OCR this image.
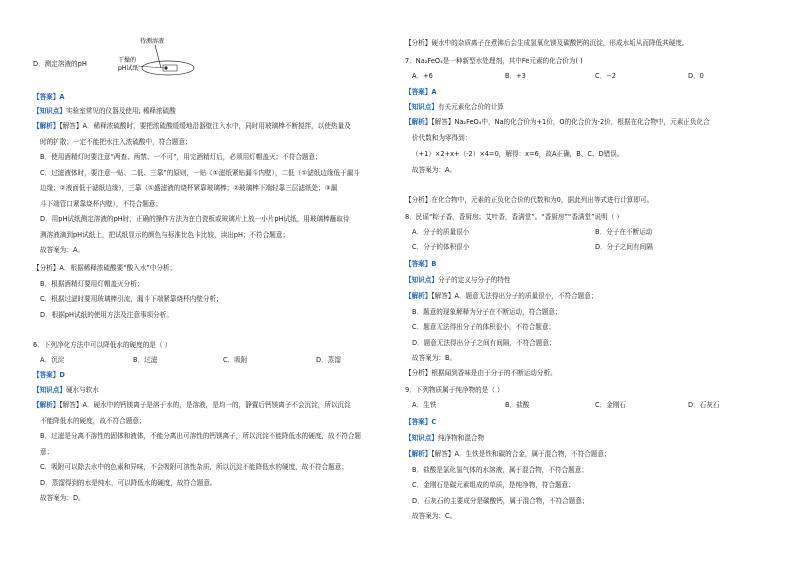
D．测定溶液的pH
待测溶液
干燥的
pH试纸
【答案】A
【知识点】实验室常见的仪器及使用; 稀释浓硫酸
【解析】【解答】A．稀释浓硫酸时，要把浓硫酸缓缓地沿器壁注入水中，同时用玻璃棒不断搅拌，以使热量及
时的扩散；一定不能把水注入浓硫酸中，符合题意；
B．使用酒精灯时要注意“两查、两禁、一不可”，用完酒精灯后，必须用灯帽盖灭；不符合题意；
C．过滤液体时，要注意一贴、二低、三靠”的原则，一贴（①滤纸紧贴漏斗内壁），二低（①滤纸边缘低于漏斗
边缘；②液面低于滤纸边缘），三靠（①盛滤液的烧杯紧靠玻璃棒；②玻璃棒下端轻靠三层滤纸处；③漏
斗下端管口紧靠烧杯内壁），不符合题意；
D．用pH试纸测定溶液的pH时，正确的操作方法为在白瓷板或玻璃片上放一小片pH试纸，用玻璃棒蘸取待
测溶液滴到pH试纸上，把试纸显示的颜色与标准比色卡比较，读出pH；不符合题意；
故答案为：A。
【分析】A．根据稀释浓硫酸要“酸入水”中分析；
B．根据酒精灯要用灯帽盖灭分析；
C．根据过滤时要用玻璃棒引流，漏斗下端紧靠烧杯内壁分析；
D．根据pH试纸的使用方法及注意事项分析。
6．下列净化方法中可以降低水的硬度的是（ ）
A．沉淀	B．过滤	C．吸附	D．蒸馏
【答案】D
【知识点】硬水与软水
【解析】【解答】A．硬水中的钙镁离子是溶于水的，是溶液，是均一的，静置后钙镁离子不会沉淀，所以沉淀
不能降低水的硬度，故不符合题意；
B．过滤是分离不溶性的固体和液体，不能分离出可溶性的钙镁离子，所以沉淀不能降低水的硬度，故不符合题
意；
C．吸附可以除去水中的色素和异味，不会吸附可溶性杂质，所以沉淀不能降低水的硬度，故不符合题意；
D．蒸馏得到的水是纯水，可以降低水的硬度，故符合题意。
故答案为：D。
【分析】硬水中的杂质离子在煮沸后会生成氢氧化镁及碳酸钙的沉淀，形成水垢从而降低其硬度。
7．Na₂FeO₄是一种新型水处理剂，其中Fe元素的化合价为( )
A．+6	B．+3	C．−2	D．0
【答案】A
【知识点】有关元素化合价的计算
【解析】【解答】Na₂FeO₄中，Na的化合价为+1价，O的化合价为-2价，根据在化合物中，元素正负化合
价代数和为零得到：
（+1）×2+x+（-2）×4=0，解得：x=6，故A正确，B、C、D错误。
故答案为：A。
【分析】在化合物中，元素的正负化合价的代数和为0，据此列出等式进行计算即可。
8．民谣“粽子香，香厨房；艾叶香，香满堂”。“香厨房”“香满堂”说明（ ）
A．分子的质量很小	B．分子在不断运动
C．分子的体积很小	D．分子之间有间隔
【答案】B
【知识点】分子的定义与分子的特性
【解析】【解答】A．题意无法得出分子的质量很小，不符合题意；
B．题意的现象解释为分子在不断运动，符合题意；
C．题意无法得出分子的体积很小，不符合题意；
D．题意无法得出分子之间有间隔，不符合题意；
故答案为：B。
【分析】根据闻到香味是由于分子的不断运动分析。
9．下列物质属于纯净物的是（ ）
A．生铁	B．盐酸	C．金刚石	D．石灰石
【答案】C
【知识点】纯净物和混合物
【解析】【解答】A．生铁是铁和碳的合金，属于混合物，不符合题意；
B．盐酸是氯化氢气体的水溶液，属于混合物，不符合题意；
C．金刚石是碳元素组成的单质，是纯净物，符合题意；
D．石灰石的主要成分是碳酸钙，属于混合物，不符合题意；
故答案为：C。
